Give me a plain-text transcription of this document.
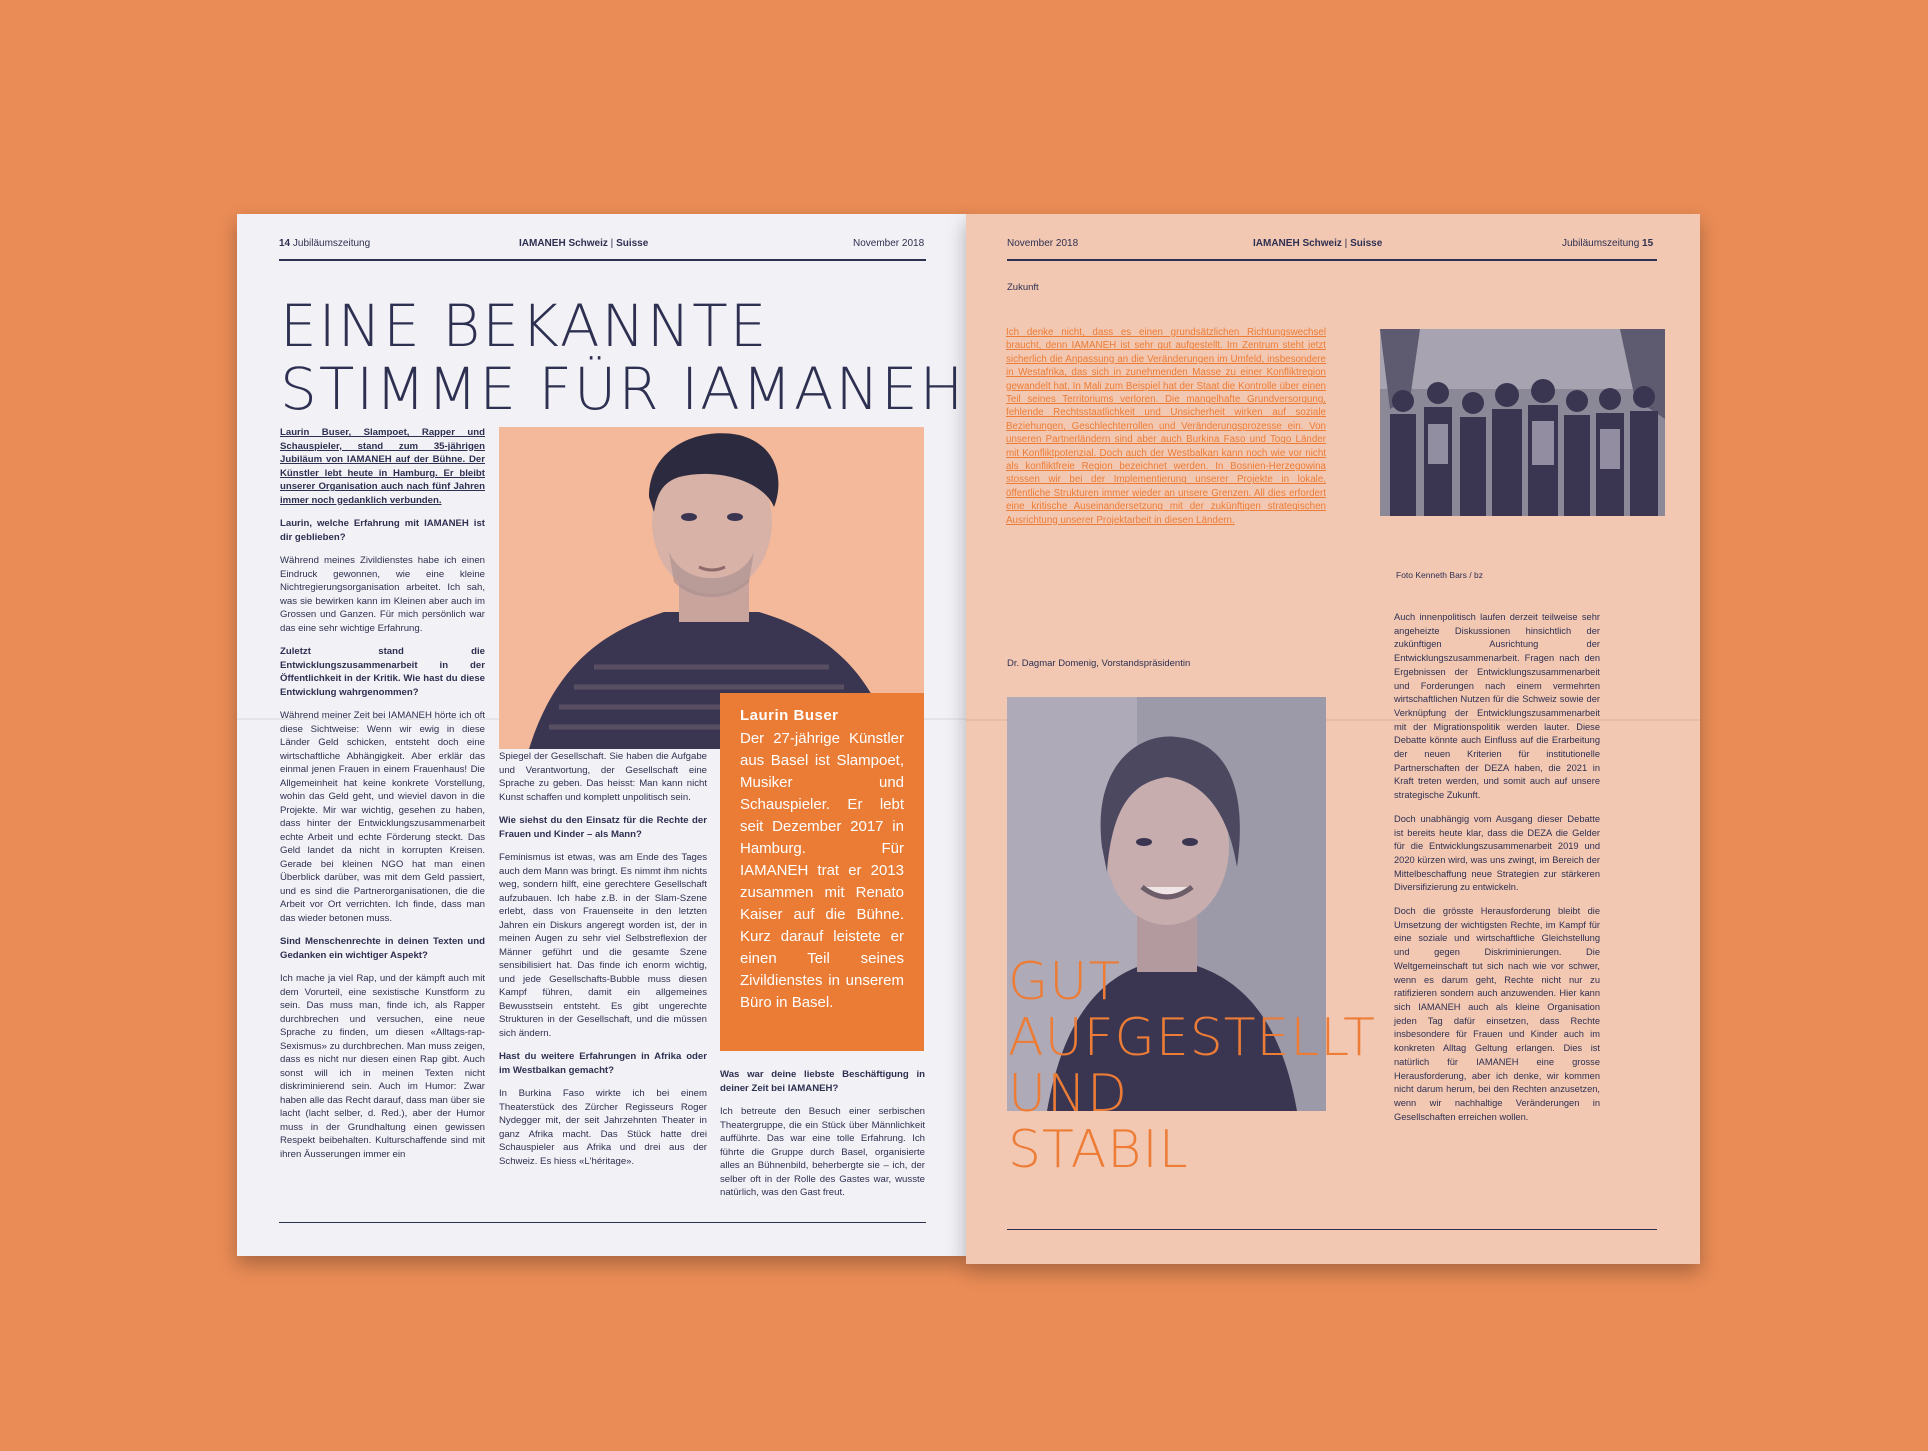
14 Jubiläumszeitung	IAMANEH Schweiz | Suisse	November 2018
EINE BEKANNTE
STIMME FÜR IAMANEH
Laurin Buser
Der 27-jährige Künstler aus Basel ist Slampoet, Musiker und Schauspieler. Er lebt seit Dezember 2017 in Hamburg. Für IAMANEH trat er 2013 zusammen mit Renato Kaiser auf die Bühne. Kurz darauf leistete er einen Teil seines Zivildienstes in unserem Büro in Basel.

Laurin Buser, Slampoet, Rapper und Schauspieler, stand zum 35-jährigen Jubiläum von IAMANEH auf der Bühne. Der Künstler lebt heute in Hamburg. Er bleibt unserer Organisation auch nach fünf Jahren immer noch gedanklich verbunden.

Laurin, welche Erfahrung mit IAMANEH ist dir geblieben?

Während meines Zivildienstes habe ich einen Eindruck gewonnen, wie eine kleine Nichtregierungsorganisation arbeitet. Ich sah, was sie bewirken kann im Kleinen aber auch im Grossen und Ganzen. Für mich persönlich war das eine sehr wichtige Erfahrung.

Zuletzt stand die Entwicklungszusammenarbeit in der Öffentlichkeit in der Kritik. Wie hast du diese Entwicklung wahrgenommen?

Während meiner Zeit bei IAMANEH hörte ich oft diese Sichtweise: Wenn wir ewig in diese Länder Geld schicken, entsteht doch eine wirtschaftliche Abhängigkeit. Aber erklär das einmal jenen Frauen in einem Frauenhaus! Die Allgemeinheit hat keine konkrete Vorstellung, wohin das Geld geht, und wieviel davon in die Projekte. Mir war wichtig, gesehen zu haben, dass hinter der Entwicklungszusammenarbeit echte Arbeit und echte Förderung steckt. Das Geld landet da nicht in korrupten Kreisen. Gerade bei kleinen NGO hat man einen Überblick darüber, was mit dem Geld passiert, und es sind die Partnerorganisationen, die die Arbeit vor Ort verrichten. Ich finde, dass man das wieder betonen muss.

Sind Menschenrechte in deinen Texten und Gedanken ein wichtiger Aspekt?

Ich mache ja viel Rap, und der kämpft auch mit dem Vorurteil, eine sexistische Kunstform zu sein. Das muss man, finde ich, als Rapper durchbrechen und versuchen, eine neue Sprache zu finden, um diesen «Alltags-rap-Sexismus» zu durchbrechen. Man muss zeigen, dass es nicht nur diesen einen Rap gibt. Auch sonst will ich in meinen Texten nicht diskriminierend sein. Auch im Humor: Zwar haben alle das Recht darauf, dass man über sie lacht (lacht selber, d. Red.), aber der Humor muss in der Grundhaltung einen gewissen Respekt beibehalten. Kulturschaffende sind mit ihren Äusserungen immer ein

Spiegel der Gesellschaft. Sie haben die Aufgabe und Verantwortung, der Gesellschaft eine Sprache zu geben. Das heisst: Man kann nicht Kunst schaffen und komplett unpolitisch sein.

Wie siehst du den Einsatz für die Rechte der Frauen und Kinder – als Mann?

Feminismus ist etwas, was am Ende des Tages auch dem Mann was bringt. Es nimmt ihm nichts weg, sondern hilft, eine gerechtere Gesellschaft aufzubauen. Ich habe z.B. in der Slam-Szene erlebt, dass von Frauenseite in den letzten Jahren ein Diskurs angeregt worden ist, der in meinen Augen zu sehr viel Selbstreflexion der Männer geführt und die gesamte Szene sensibilisiert hat. Das finde ich enorm wichtig, und jede Gesellschafts-Bubble muss diesen Kampf führen, damit ein allgemeines Bewusstsein entsteht. Es gibt ungerechte Strukturen in der Gesellschaft, und die müssen sich ändern.

Hast du weitere Erfahrungen in Afrika oder im Westbalkan gemacht?

In Burkina Faso wirkte ich bei einem Theaterstück des Zürcher Regisseurs Roger Nydegger mit, der seit Jahrzehnten Theater in ganz Afrika macht. Das Stück hatte drei Schauspieler aus Afrika und drei aus der Schweiz. Es hiess «L'héritage».

Was war deine liebste Beschäftigung in deiner Zeit bei IAMANEH?

Ich betreute den Besuch einer serbischen Theatergruppe, die ein Stück über Männlichkeit aufführte. Das war eine tolle Erfahrung. Ich führte die Gruppe durch Basel, organisierte alles an Bühnenbild, beherbergte sie – ich, der selber oft in der Rolle des Gastes war, wusste natürlich, was den Gast freut.

November 2018	IAMANEH Schweiz | Suisse	Jubiläumszeitung 15
Zukunft
Ich denke nicht, dass es einen grundsätzlichen Richtungswechsel braucht, denn IAMANEH ist sehr gut aufgestellt. Im Zentrum steht jetzt sicherlich die Anpassung an die Veränderungen im Umfeld, insbesondere in Westafrika, das sich in zunehmenden Masse zu einer Konfliktregion gewandelt hat. In Mali zum Beispiel hat der Staat die Kontrolle über einen Teil seines Territoriums verloren. Die mangelhafte Grundversorgung, fehlende Rechtsstaatlichkeit und Unsicherheit wirken auf soziale Beziehungen, Geschlechterrollen und Veränderungsprozesse ein. Von unseren Partnerländern sind aber auch Burkina Faso und Togo Länder mit Konfliktpotenzial. Doch auch der Westbalkan kann noch wie vor nicht als konfliktfreie Region bezeichnet werden. In Bosnien-Herzegowina stossen wir bei der Implementierung unserer Projekte in lokale, öffentliche Strukturen immer wieder an unsere Grenzen. All dies erfordert eine kritische Auseinandersetzung mit der zukünftigen strategischen Ausrichtung unserer Projektarbeit in diesen Ländern.
Foto Kenneth Bars / bz
Dr. Dagmar Domenig, Vorstandspräsidentin
GUT
AUFGESTELLT
UND
STABIL

Auch innenpolitisch laufen derzeit teilweise sehr angeheizte Diskussionen hinsichtlich der zukünftigen Ausrichtung der Entwicklungszusammenarbeit. Fragen nach den Ergebnissen der Entwicklungszusammenarbeit und Forderungen nach einem vermehrten wirtschaftlichen Nutzen für die Schweiz sowie der Verknüpfung der Entwicklungszusammenarbeit mit der Migrationspolitik werden lauter. Diese Debatte könnte auch Einfluss auf die Erarbeitung der neuen Kriterien für institutionelle Partnerschaften der DEZA haben, die 2021 in Kraft treten werden, und somit auch auf unsere strategische Zukunft.

Doch unabhängig vom Ausgang dieser Debatte ist bereits heute klar, dass die DEZA die Gelder für die Entwicklungszusammenarbeit 2019 und 2020 kürzen wird, was uns zwingt, im Bereich der Mittelbeschaffung neue Strategien zur stärkeren Diversifizierung zu entwickeln.

Doch die grösste Herausforderung bleibt die Umsetzung der wichtigsten Rechte, im Kampf für eine soziale und wirtschaftliche Gleichstellung und gegen Diskriminierungen. Die Weltgemeinschaft tut sich nach wie vor schwer, wenn es darum geht, Rechte nicht nur zu ratifizieren sondern auch anzuwenden. Hier kann sich IAMANEH auch als kleine Organisation jeden Tag dafür einsetzen, dass Rechte insbesondere für Frauen und Kinder auch im konkreten Alltag Geltung erlangen. Dies ist natürlich für IAMANEH eine grosse Herausforderung, aber ich denke, wir kommen nicht darum herum, bei den Rechten anzusetzen, wenn wir nachhaltige Veränderungen in Gesellschaften erreichen wollen.
